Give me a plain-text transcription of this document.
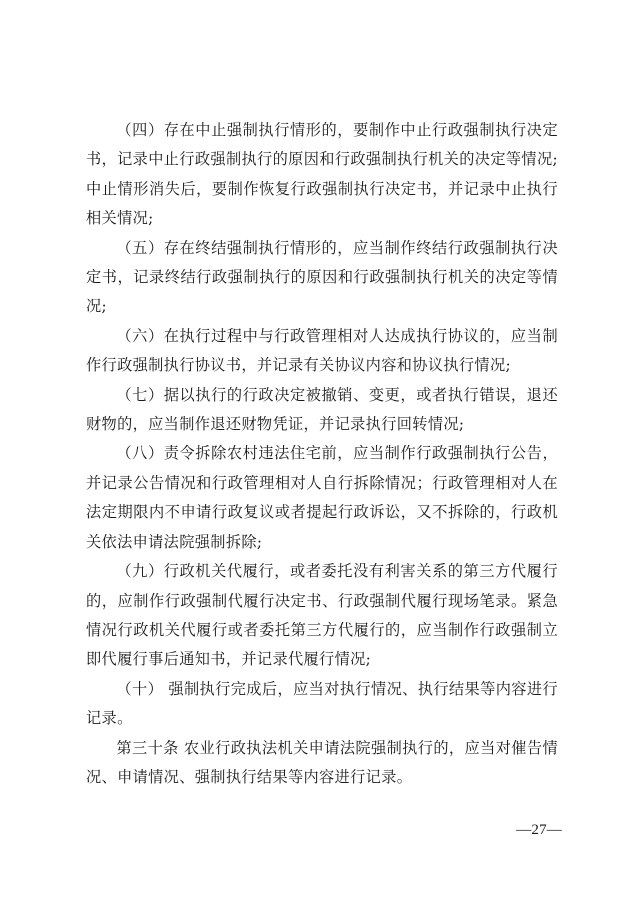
（四）存在中止强制执行情形的，要制作中止行政强制执行决定书，记录中止行政强制执行的原因和行政强制执行机关的决定等情况;中止情形消失后，要制作恢复行政强制执行决定书，并记录中止执行相关情况;

（五）存在终结强制执行情形的，应当制作终结行政强制执行决定书，记录终结行政强制执行的原因和行政强制执行机关的决定等情况;

（六）在执行过程中与行政管理相对人达成执行协议的，应当制作行政强制执行协议书，并记录有关协议内容和协议执行情况;

（七）据以执行的行政决定被撤销、变更，或者执行错误，退还财物的，应当制作退还财物凭证，并记录执行回转情况;

（八）责令拆除农村违法住宅前，应当制作行政强制执行公告，并记录公告情况和行政管理相对人自行拆除情况；行政管理相对人在法定期限内不申请行政复议或者提起行政诉讼，又不拆除的，行政机关依法申请法院强制拆除;

（九）行政机关代履行，或者委托没有利害关系的第三方代履行的，应制作行政强制代履行决定书、行政强制代履行现场笔录。紧急情况行政机关代履行或者委托第三方代履行的，应当制作行政强制立即代履行事后通知书，并记录代履行情况;

（十） 强制执行完成后，应当对执行情况、执行结果等内容进行记录。

第三十条 农业行政执法机关申请法院强制执行的，应当对催告情况、申请情况、强制执行结果等内容进行记录。

—27—
